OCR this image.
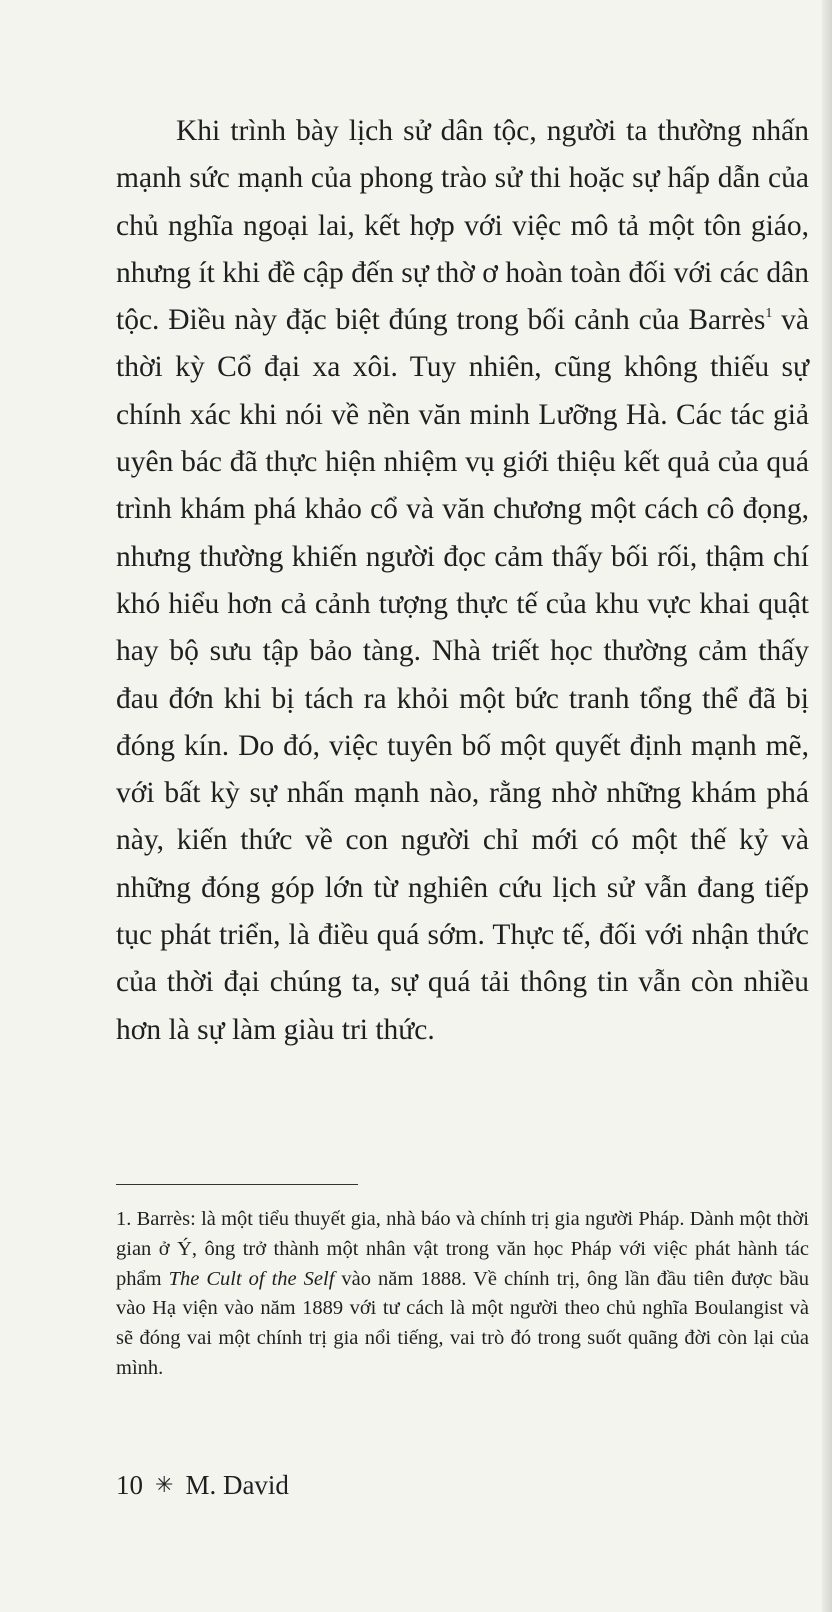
Khi trình bày lịch sử dân tộc, người ta thường nhấn mạnh sức mạnh của phong trào sử thi hoặc sự hấp dẫn của chủ nghĩa ngoại lai, kết hợp với việc mô tả một tôn giáo, nhưng ít khi đề cập đến sự thờ ơ hoàn toàn đối với các dân tộc. Điều này đặc biệt đúng trong bối cảnh của Barrès$^1$ và thời kỳ Cổ đại xa xôi. Tuy nhiên, cũng không thiếu sự chính xác khi nói về nền văn minh Lưỡng Hà. Các tác giả uyên bác đã thực hiện nhiệm vụ giới thiệu kết quả của quá trình khám phá khảo cổ và văn chương một cách cô đọng, nhưng thường khiến người đọc cảm thấy bối rối, thậm chí khó hiểu hơn cả cảnh tượng thực tế của khu vực khai quật hay bộ sưu tập bảo tàng. Nhà triết học thường cảm thấy đau đớn khi bị tách ra khỏi một bức tranh tổng thể đã bị đóng kín. Do đó, việc tuyên bố một quyết định mạnh mẽ, với bất kỳ sự nhấn mạnh nào, rằng nhờ những khám phá này, kiến thức về con người chỉ mới có một thế kỷ và những đóng góp lớn từ nghiên cứu lịch sử vẫn đang tiếp tục phát triển, là điều quá sớm. Thực tế, đối với nhận thức của thời đại chúng ta, sự quá tải thông tin vẫn còn nhiều hơn là sự làm giàu tri thức.

1. Barrès: là một tiểu thuyết gia, nhà báo và chính trị gia người Pháp. Dành một thời gian ở Ý, ông trở thành một nhân vật trong văn học Pháp với việc phát hành tác phẩm The Cult of the Self vào năm 1888. Về chính trị, ông lần đầu tiên được bầu vào Hạ viện vào năm 1889 với tư cách là một người theo chủ nghĩa Boulangist và sẽ đóng vai một chính trị gia nổi tiếng, vai trò đó trong suốt quãng đời còn lại của mình.

10 ✳ M. David
